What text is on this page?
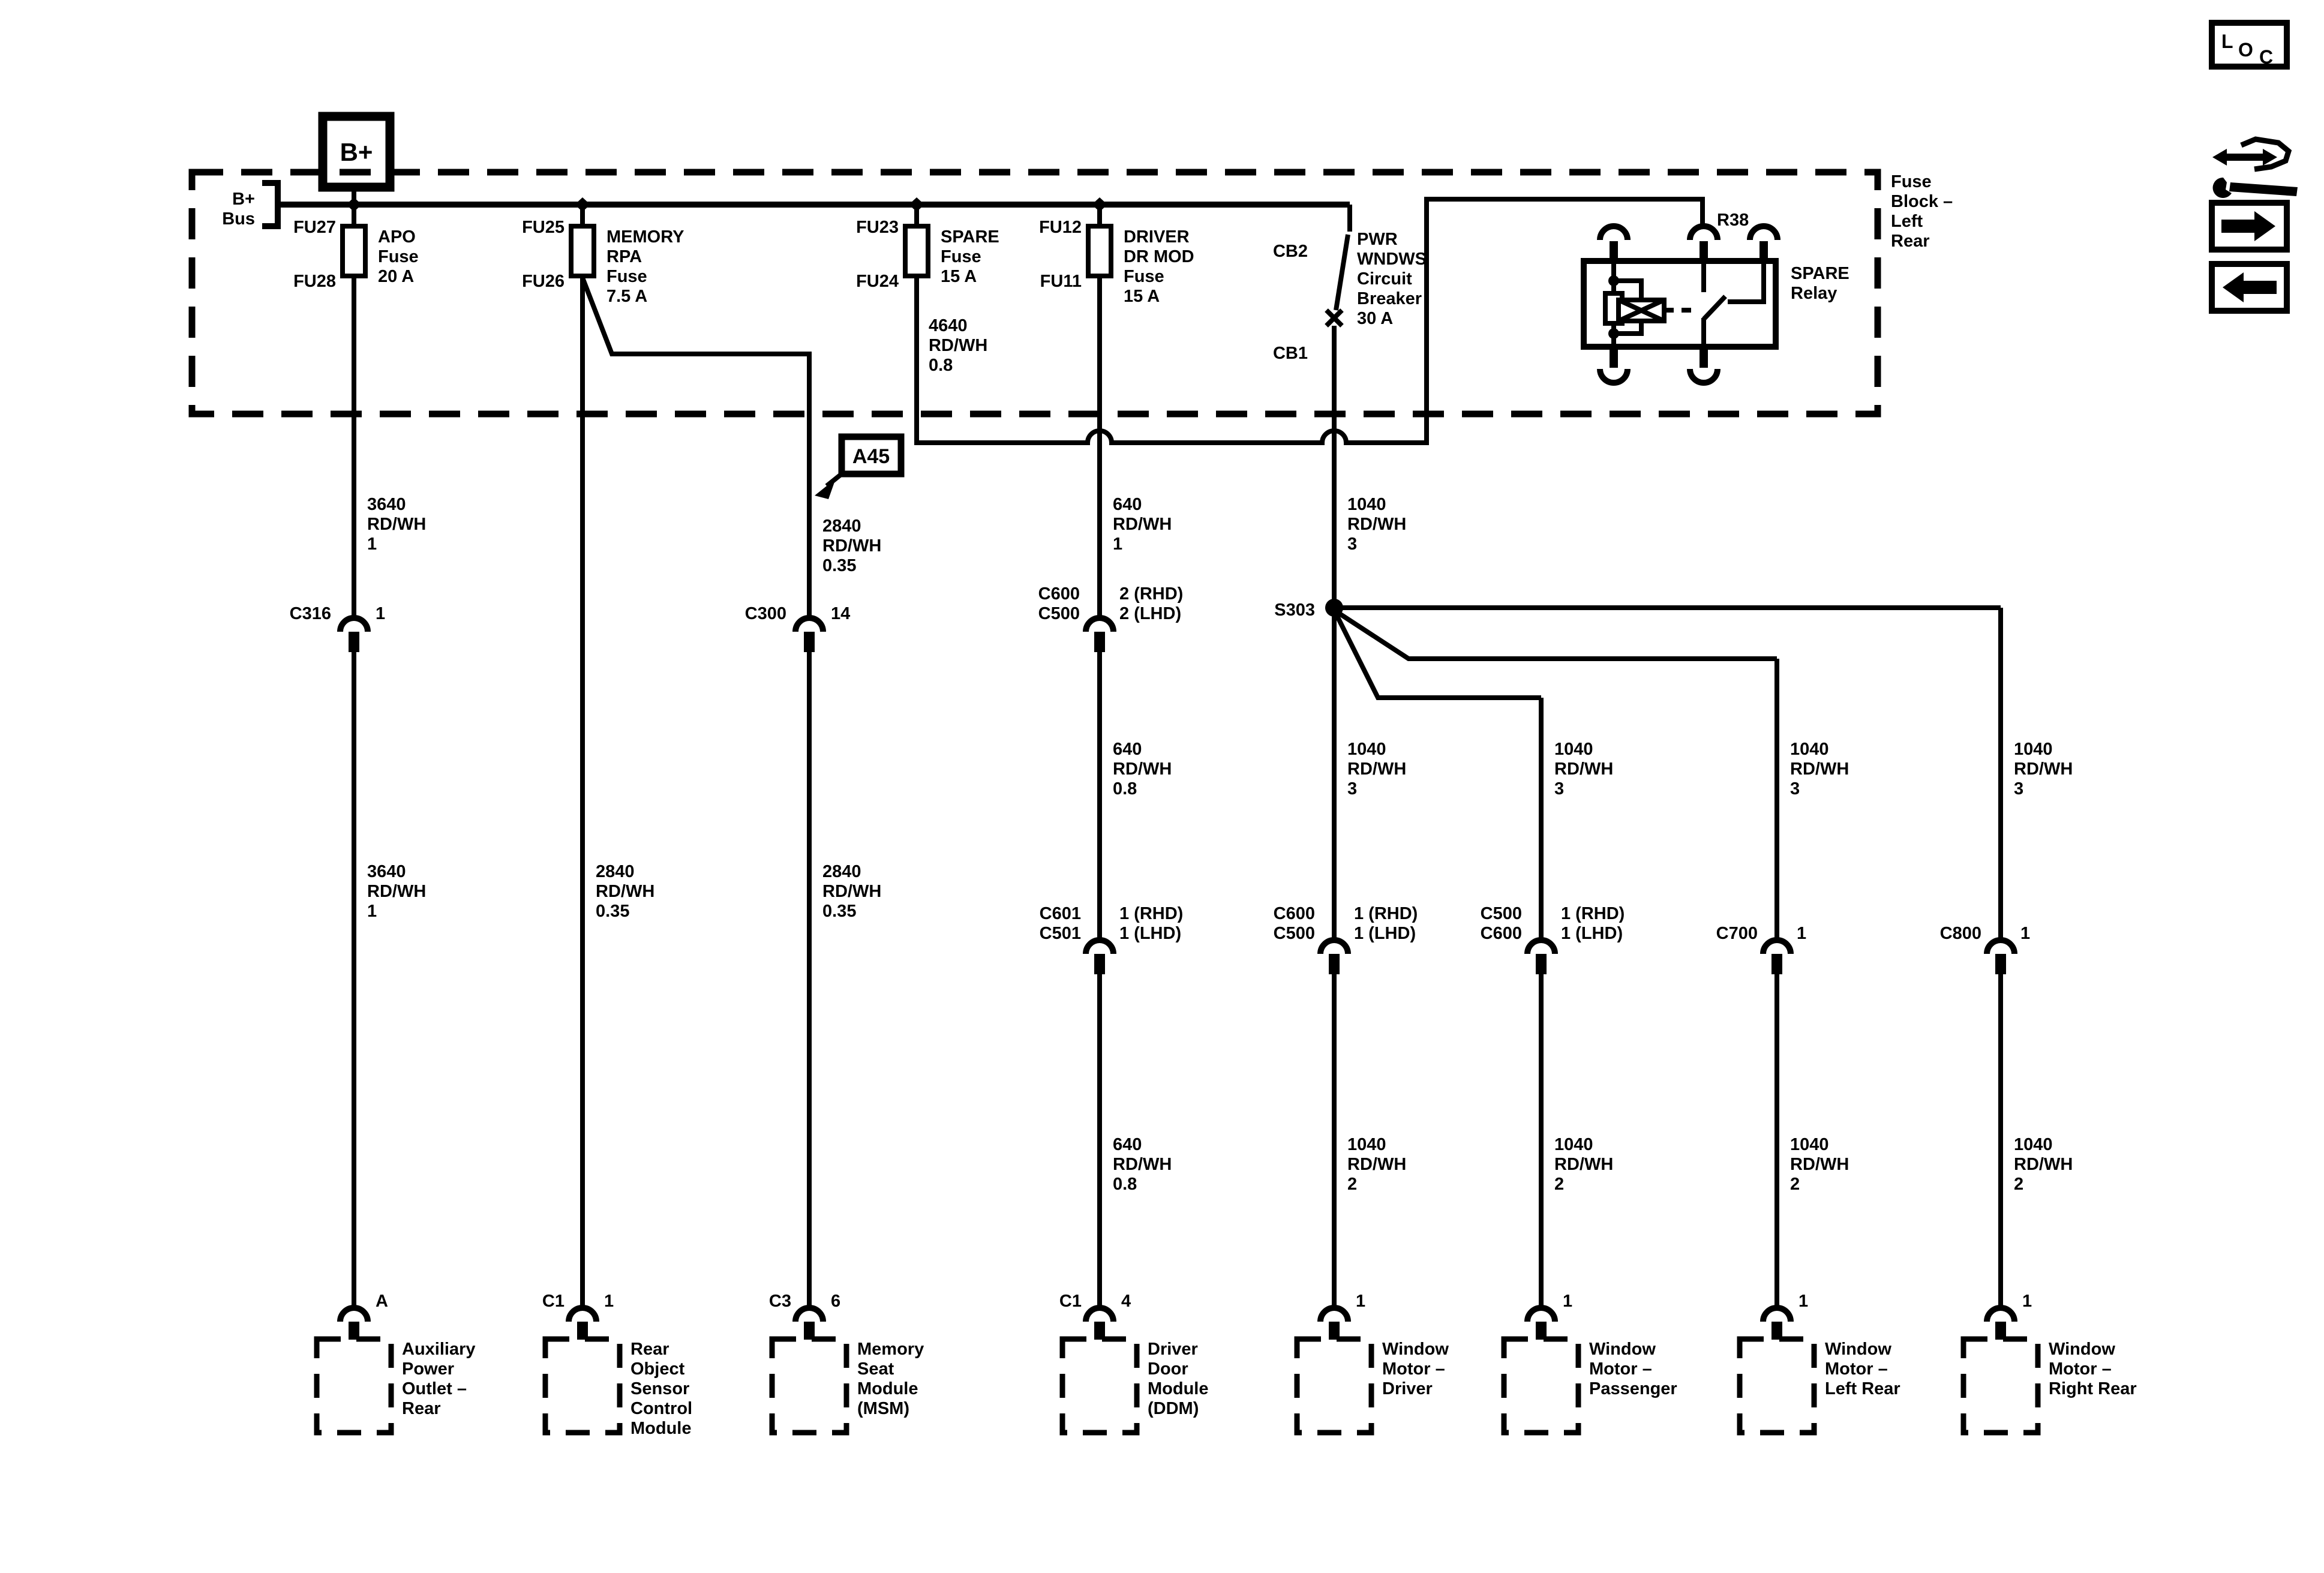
L O C
Fuse
Block –
Left
Rear
B+
B+
Bus FU27
FU28
APO
Fuse
20 A
FU25
FU26
MEMORY
RPA
Fuse
7.5 A
FU23
FU24
SPARE
Fuse
15 A
4640
RD/WH
0.8
FU12
FU11
DRIVER
DR MOD
Fuse
15 A
CB2
CB1
PWR
WNDWS
Circuit
Breaker
30 A
R38
SPARE
Relay
A45
3640
RD/WH
1
C316	1
3640
RD/WH
1
A
Auxiliary
Power
Outlet –
Rear
2840
RD/WH
0.35
C1 1
Rear
Object
Sensor
Control
Module
2840
RD/WH
0.35
C300	14
2840
RD/WH
0.35
C3 6
Memory
Seat
Module
(MSM)
640
RD/WH
1
C600
C500
2 (RHD)
2 (LHD)
640
RD/WH
0.8
C601
C501
1 (RHD)
1 (LHD)
640
RD/WH
0.8
C1 4
Driver
Door
Module
(DDM)
1040
RD/WH
3
S303
1040
RD/WH
3
C600
C500
1 (RHD)
1 (LHD)
1040
RD/WH
2
1
Window
Motor –
Driver
1040
RD/WH
3
C500
C600
1 (RHD)
1 (LHD)
1040
RD/WH
2
1
Window
Motor –
Passenger
1040
RD/WH
3
C700 1
1040
RD/WH
2
1
Window
Motor –
Left Rear
1040
RD/WH
3
C800 1
1040
RD/WH
2
1
Window
Motor –
Right Rear
